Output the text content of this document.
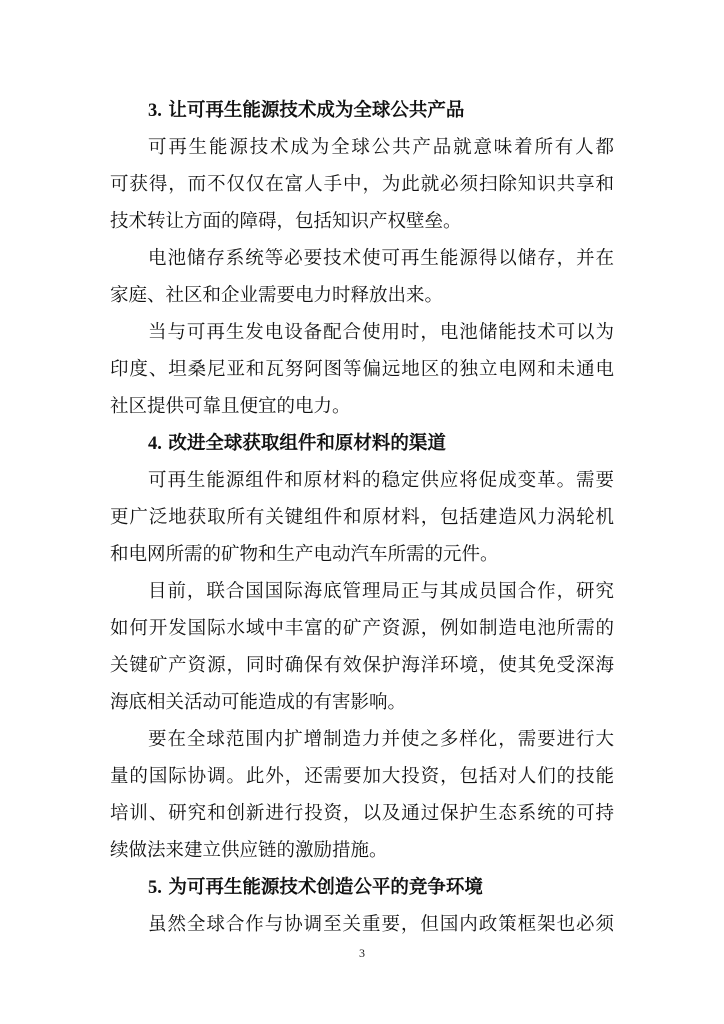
3. 让可再生能源技术成为全球公共产品

可再生能源技术成为全球公共产品就意味着所有人都
可获得，而不仅仅在富人手中，为此就必须扫除知识共享和
技术转让方面的障碍，包括知识产权壁垒。

电池储存系统等必要技术使可再生能源得以储存，并在
家庭、社区和企业需要电力时释放出来。

当与可再生发电设备配合使用时，电池储能技术可以为
印度、坦桑尼亚和瓦努阿图等偏远地区的独立电网和未通电
社区提供可靠且便宜的电力。

4. 改进全球获取组件和原材料的渠道

可再生能源组件和原材料的稳定供应将促成变革。需要
更广泛地获取所有关键组件和原材料，包括建造风力涡轮机
和电网所需的矿物和生产电动汽车所需的元件。

目前，联合国国际海底管理局正与其成员国合作，研究
如何开发国际水域中丰富的矿产资源，例如制造电池所需的
关键矿产资源，同时确保有效保护海洋环境，使其免受深海
海底相关活动可能造成的有害影响。

要在全球范围内扩增制造力并使之多样化，需要进行大
量的国际协调。此外，还需要加大投资，包括对人们的技能
培训、研究和创新进行投资，以及通过保护生态系统的可持
续做法来建立供应链的激励措施。

5. 为可再生能源技术创造公平的竞争环境

虽然全球合作与协调至关重要，但国内政策框架也必须

3
